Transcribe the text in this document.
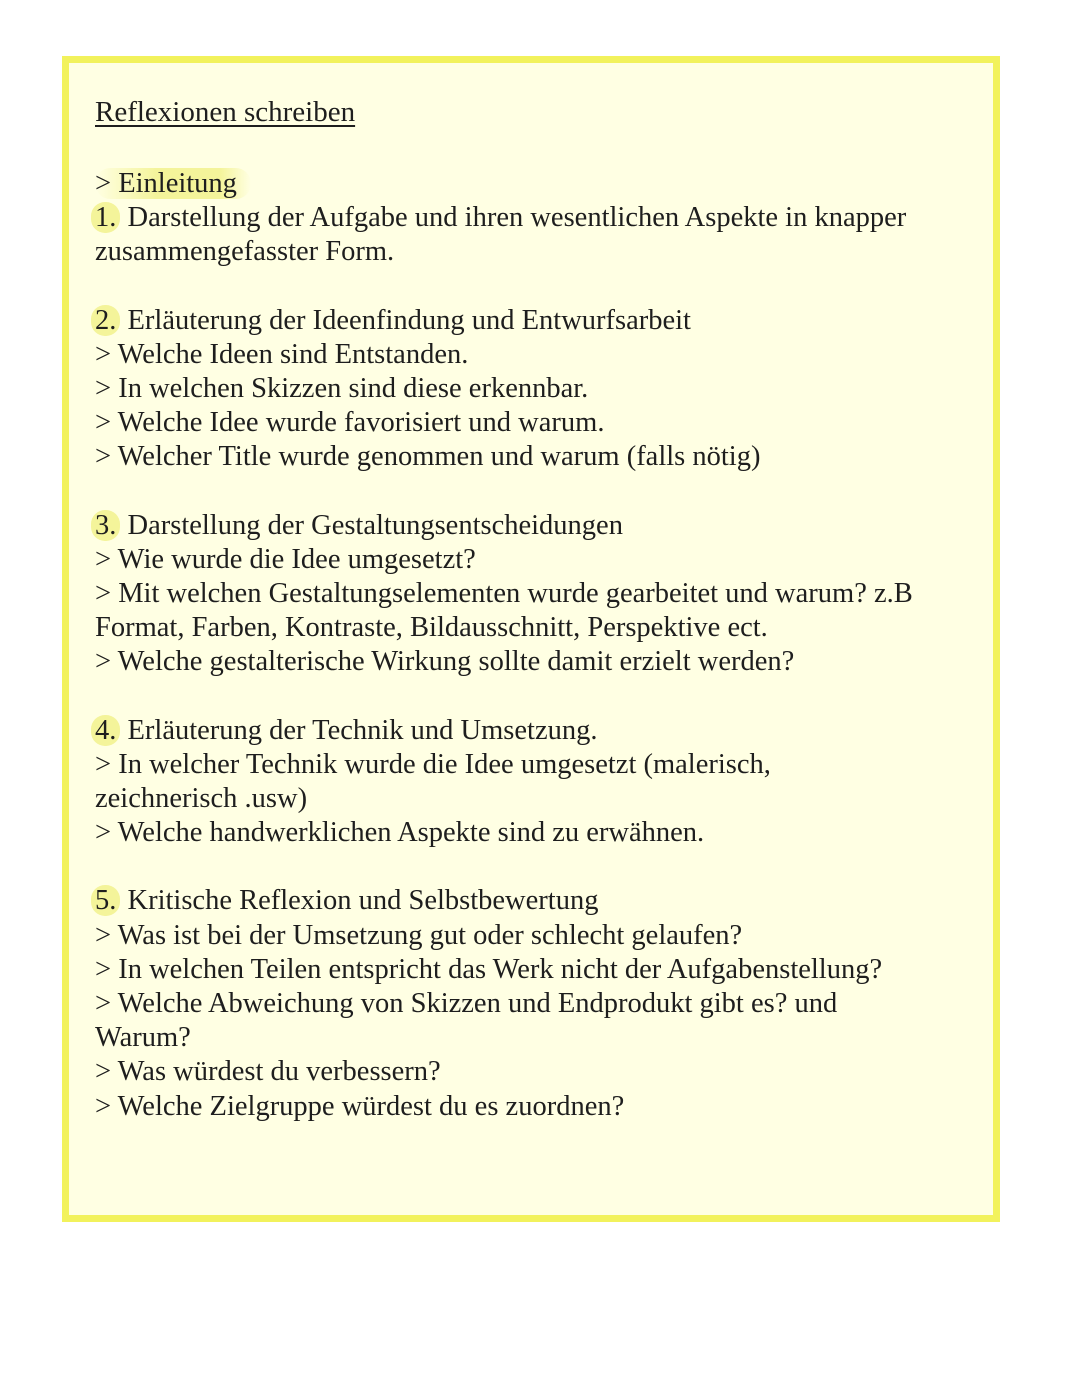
Reflexionen schreiben
> Einleitung
1. Darstellung der Aufgabe und ihren wesentlichen Aspekte in knapper
zusammengefasster Form.
2. Erläuterung der Ideenfindung und Entwurfsarbeit
> Welche Ideen sind Entstanden.
> In welchen Skizzen sind diese erkennbar.
> Welche Idee wurde favorisiert und warum.
> Welcher Title wurde genommen und warum (falls nötig)
3. Darstellung der Gestaltungsentscheidungen
> Wie wurde die Idee umgesetzt?
> Mit welchen Gestaltungselementen wurde gearbeitet und warum? z.B
Format, Farben, Kontraste, Bildausschnitt, Perspektive ect.
> Welche gestalterische Wirkung sollte damit erzielt werden?
4. Erläuterung der Technik und Umsetzung.
> In welcher Technik wurde die Idee umgesetzt (malerisch,
zeichnerisch .usw)
> Welche handwerklichen Aspekte sind zu erwähnen.
5. Kritische Reflexion und Selbstbewertung
> Was ist bei der Umsetzung gut oder schlecht gelaufen?
> In welchen Teilen entspricht das Werk nicht der Aufgabenstellung?
> Welche Abweichung von Skizzen und Endprodukt gibt es? und
Warum?
> Was würdest du verbessern?
> Welche Zielgruppe würdest du es zuordnen?
